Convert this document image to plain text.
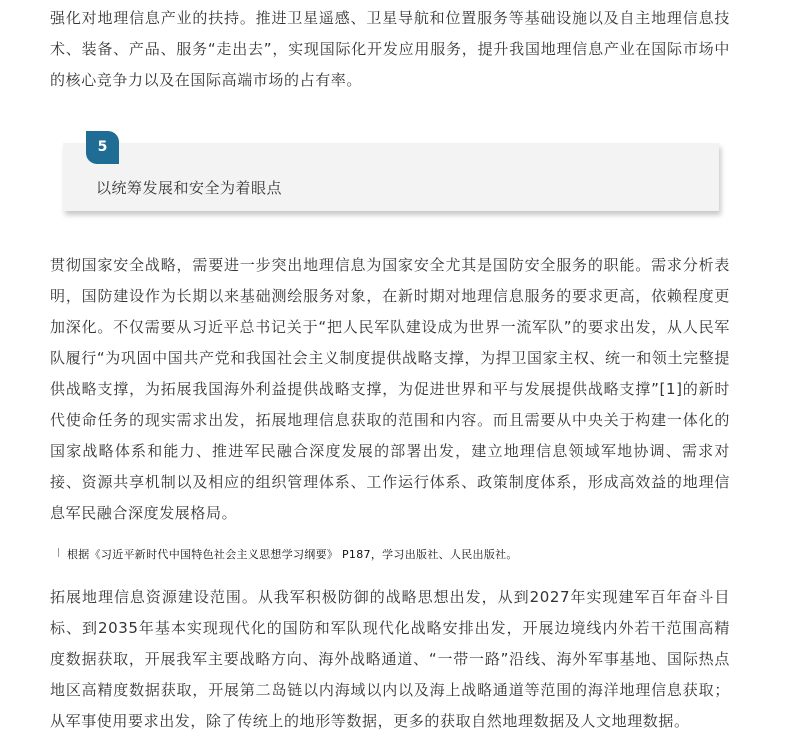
强化对地理信息产业的扶持。推进卫星遥感、卫星导航和位置服务等基础设施以及自主地理信息技术、装备、产品、服务“走出去”，实现国际化开发应用服务，提升我国地理信息产业在国际市场中的核心竞争力以及在国际高端市场的占有率。

5
以统筹发展和安全为着眼点

贯彻国家安全战略，需要进一步突出地理信息为国家安全尤其是国防安全服务的职能。需求分析表明，国防建设作为长期以来基础测绘服务对象，在新时期对地理信息服务的要求更高，依赖程度更加深化。不仅需要从习近平总书记关于“把人民军队建设成为世界一流军队”的要求出发，从人民军队履行“为巩固中国共产党和我国社会主义制度提供战略支撑，为捍卫国家主权、统一和领土完整提供战略支撑，为拓展我国海外利益提供战略支撑，为促进世界和平与发展提供战略支撑”[1]的新时代使命任务的现实需求出发，拓展地理信息获取的范围和内容。而且需要从中央关于构建一体化的国家战略体系和能力、推进军民融合深度发展的部署出发，建立地理信息领域军地协调、需求对接、资源共享机制以及相应的组织管理体系、工作运行体系、政策制度体系，形成高效益的地理信息军民融合深度发展格局。

根据《习近平新时代中国特色社会主义思想学习纲要》 P187，学习出版社、人民出版社。

拓展地理信息资源建设范围。从我军积极防御的战略思想出发，从到2027年实现建军百年奋斗目标、到2035年基本实现现代化的国防和军队现代化战略安排出发，开展边境线内外若干范围高精度数据获取，开展我军主要战略方向、海外战略通道、“一带一路”沿线、海外军事基地、国际热点地区高精度数据获取，开展第二岛链以内海域以内以及海上战略通道等范围的海洋地理信息获取；从军事使用要求出发，除了传统上的地形等数据，更多的获取自然地理数据及人文地理数据。
